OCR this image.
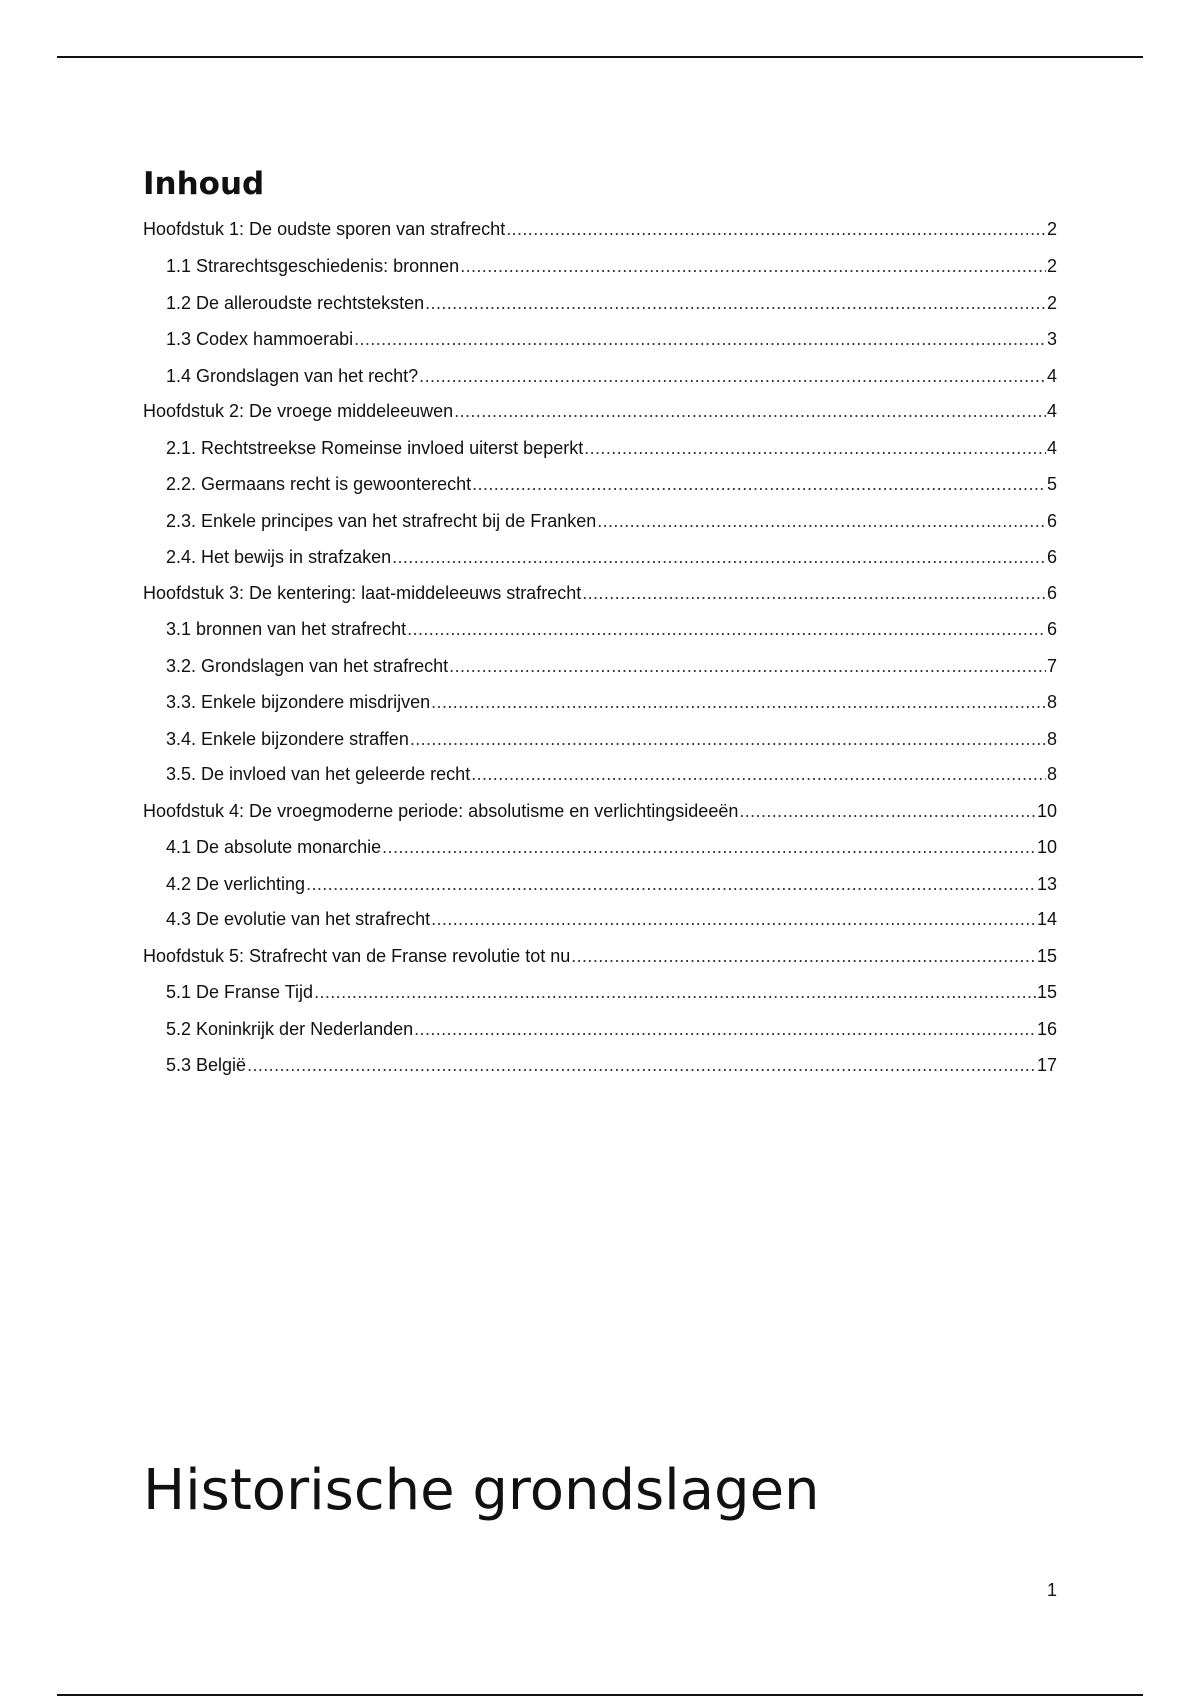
Inhoud
Hoofdstuk 1: De oudste sporen van strafrecht .....	2
1.1 Strarechtsgeschiedenis: bronnen .....	2
1.2 De alleroudste rechtsteksten .....	2
1.3 Codex hammoerabi .....	3
1.4 Grondslagen van het recht? .....	4
Hoofdstuk 2: De vroege middeleeuwen .....	4
2.1. Rechtstreekse Romeinse invloed uiterst beperkt .....	4
2.2. Germaans recht is gewoonterecht .....	5
2.3. Enkele principes van het strafrecht bij de Franken .....	6
2.4. Het bewijs in strafzaken .....	6
Hoofdstuk 3: De kentering: laat-middeleeuws strafrecht .....	6
3.1 bronnen van het strafrecht .....	6
3.2. Grondslagen van het strafrecht .....	7
3.3. Enkele bijzondere misdrijven .....	8
3.4. Enkele bijzondere straffen .....	8
3.5. De invloed van het geleerde recht .....	8
Hoofdstuk 4: De vroegmoderne periode: absolutisme en verlichtingsideeën .....	10
4.1 De absolute monarchie .....	10
4.2 De verlichting .....	13
4.3 De evolutie van het strafrecht .....	14
Hoofdstuk 5: Strafrecht van de Franse revolutie tot nu .....	15
5.1 De Franse Tijd .....	15
5.2 Koninkrijk der Nederlanden .....	16
5.3 België .....	17
Historische grondslagen
1
